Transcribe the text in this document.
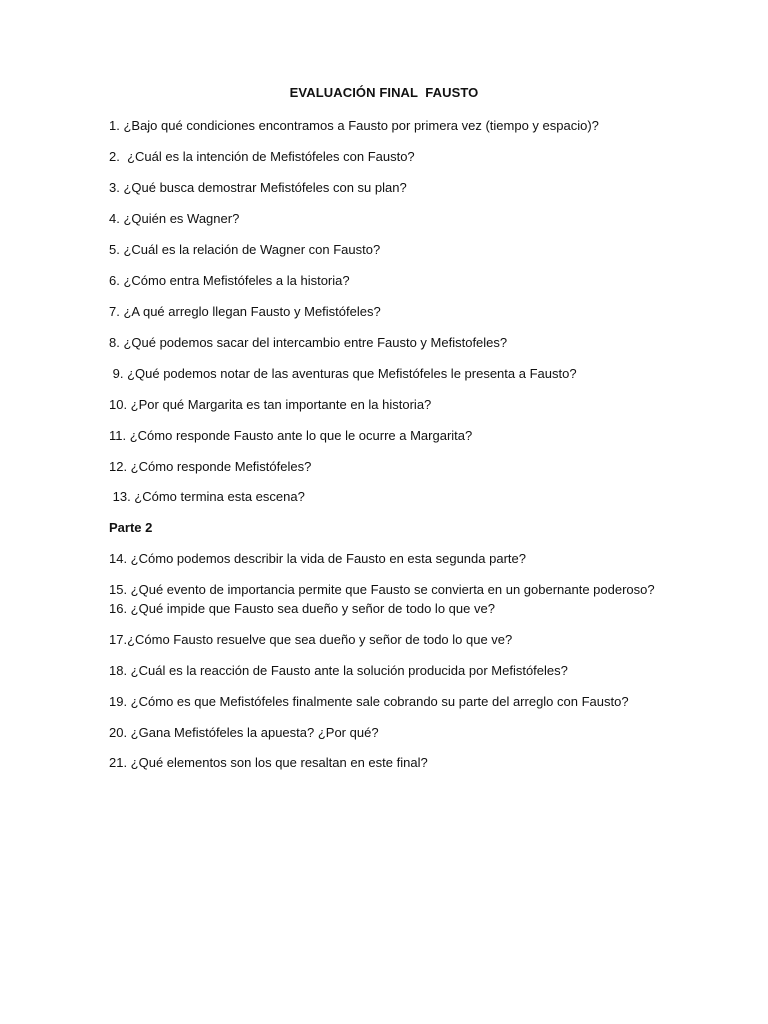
EVALUACIÓN FINAL  FAUSTO
1. ¿Bajo qué condiciones encontramos a Fausto por primera vez (tiempo y espacio)?
2.  ¿Cuál es la intención de Mefistófeles con Fausto?
3. ¿Qué busca demostrar Mefistófeles con su plan?
4. ¿Quién es Wagner?
5. ¿Cuál es la relación de Wagner con Fausto?
6. ¿Cómo entra Mefistófeles a la historia?
7. ¿A qué arreglo llegan Fausto y Mefistófeles?
8. ¿Qué podemos sacar del intercambio entre Fausto y Mefistofeles?
9. ¿Qué podemos notar de las aventuras que Mefistófeles le presenta a Fausto?
10. ¿Por qué Margarita es tan importante en la historia?
11. ¿Cómo responde Fausto ante lo que le ocurre a Margarita?
12. ¿Cómo responde Mefistófeles?
13. ¿Cómo termina esta escena?
Parte 2
14. ¿Cómo podemos describir la vida de Fausto en esta segunda parte?
15. ¿Qué evento de importancia permite que Fausto se convierta en un gobernante poderoso?
16. ¿Qué impide que Fausto sea dueño y señor de todo lo que ve?
17.¿Cómo Fausto resuelve que sea dueño y señor de todo lo que ve?
18. ¿Cuál es la reacción de Fausto ante la solución producida por Mefistófeles?
19. ¿Cómo es que Mefistófeles finalmente sale cobrando su parte del arreglo con Fausto?
20. ¿Gana Mefistófeles la apuesta? ¿Por qué?
21. ¿Qué elementos son los que resaltan en este final?
